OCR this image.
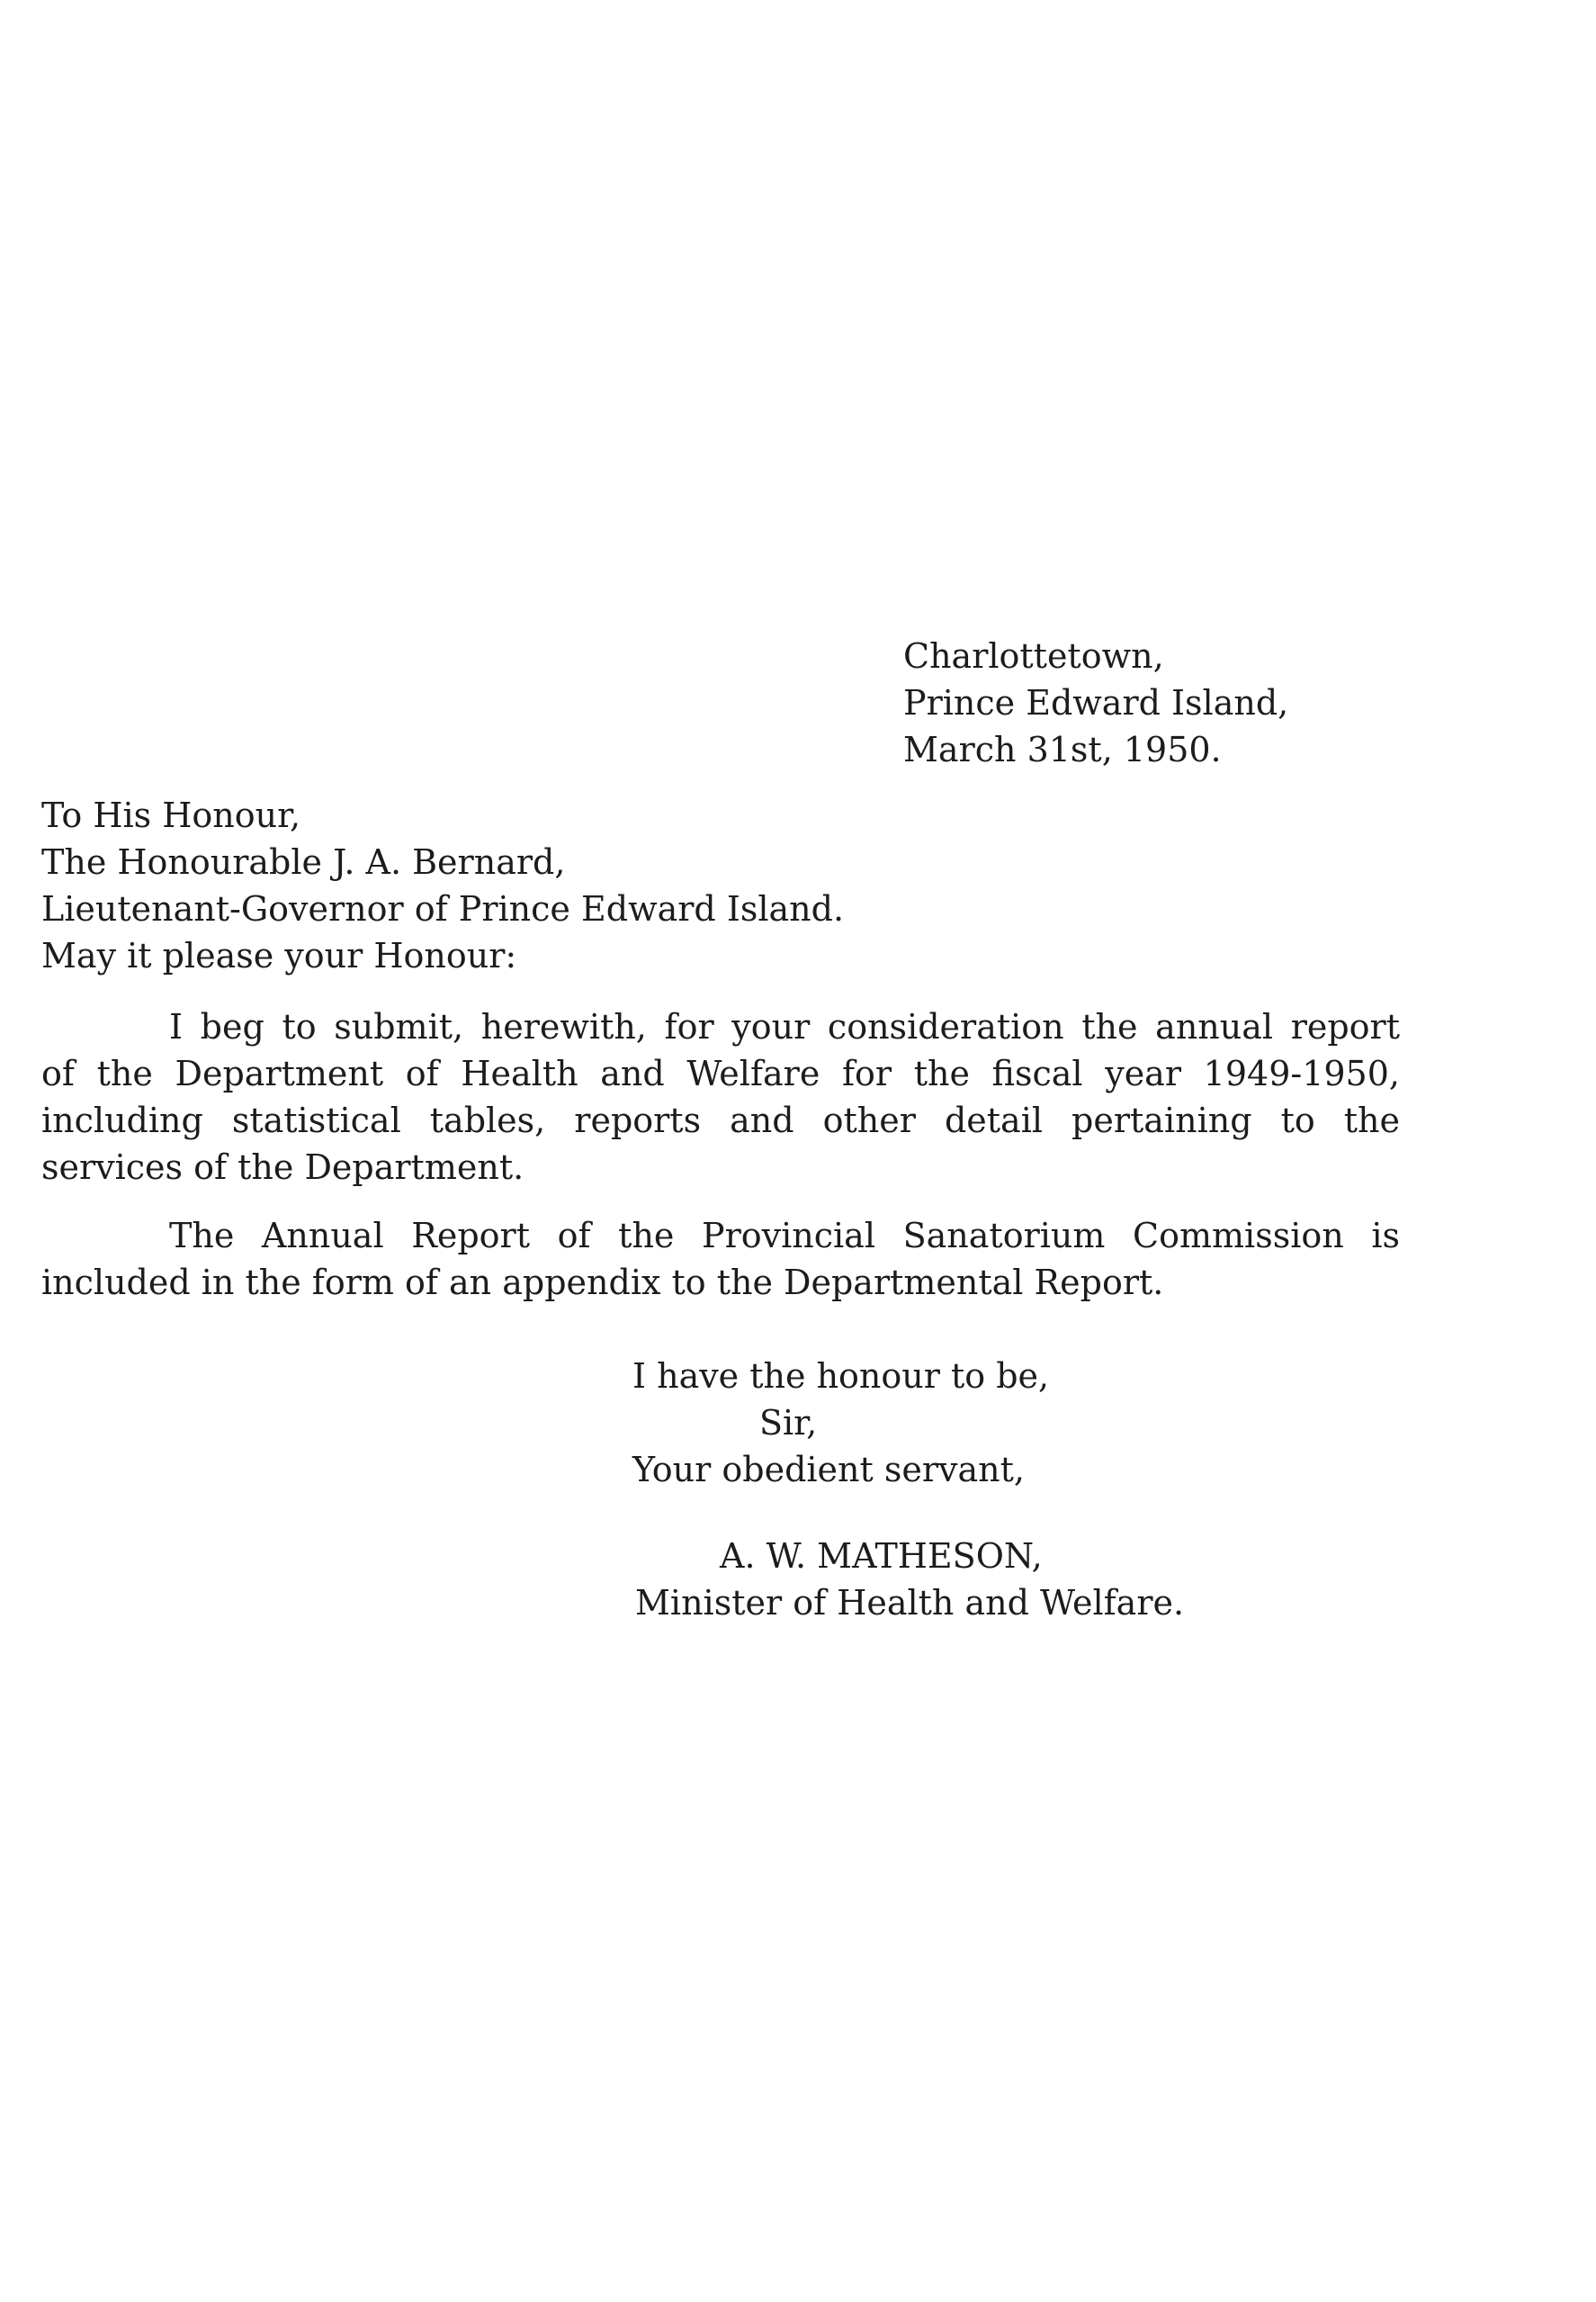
Charlottetown,

Prince Edward Island,

March 31st, 1950.

To His Honour,

The Honourable J. A. Bernard,

Lieutenant-Governor of Prince Edward Island.

May it please your Honour:

I beg to submit, herewith, for your consideration the annual report

of the Department of Health and Welfare for the fiscal year 1949-1950,

including statistical tables, reports and other detail pertaining to the

services of the Department.

The Annual Report of the Provincial Sanatorium Commission is

included in the form of an appendix to the Departmental Report.

I have the honour to be,

Sir,

Your obedient servant,

A. W. MATHESON,

Minister of Health and Welfare.
